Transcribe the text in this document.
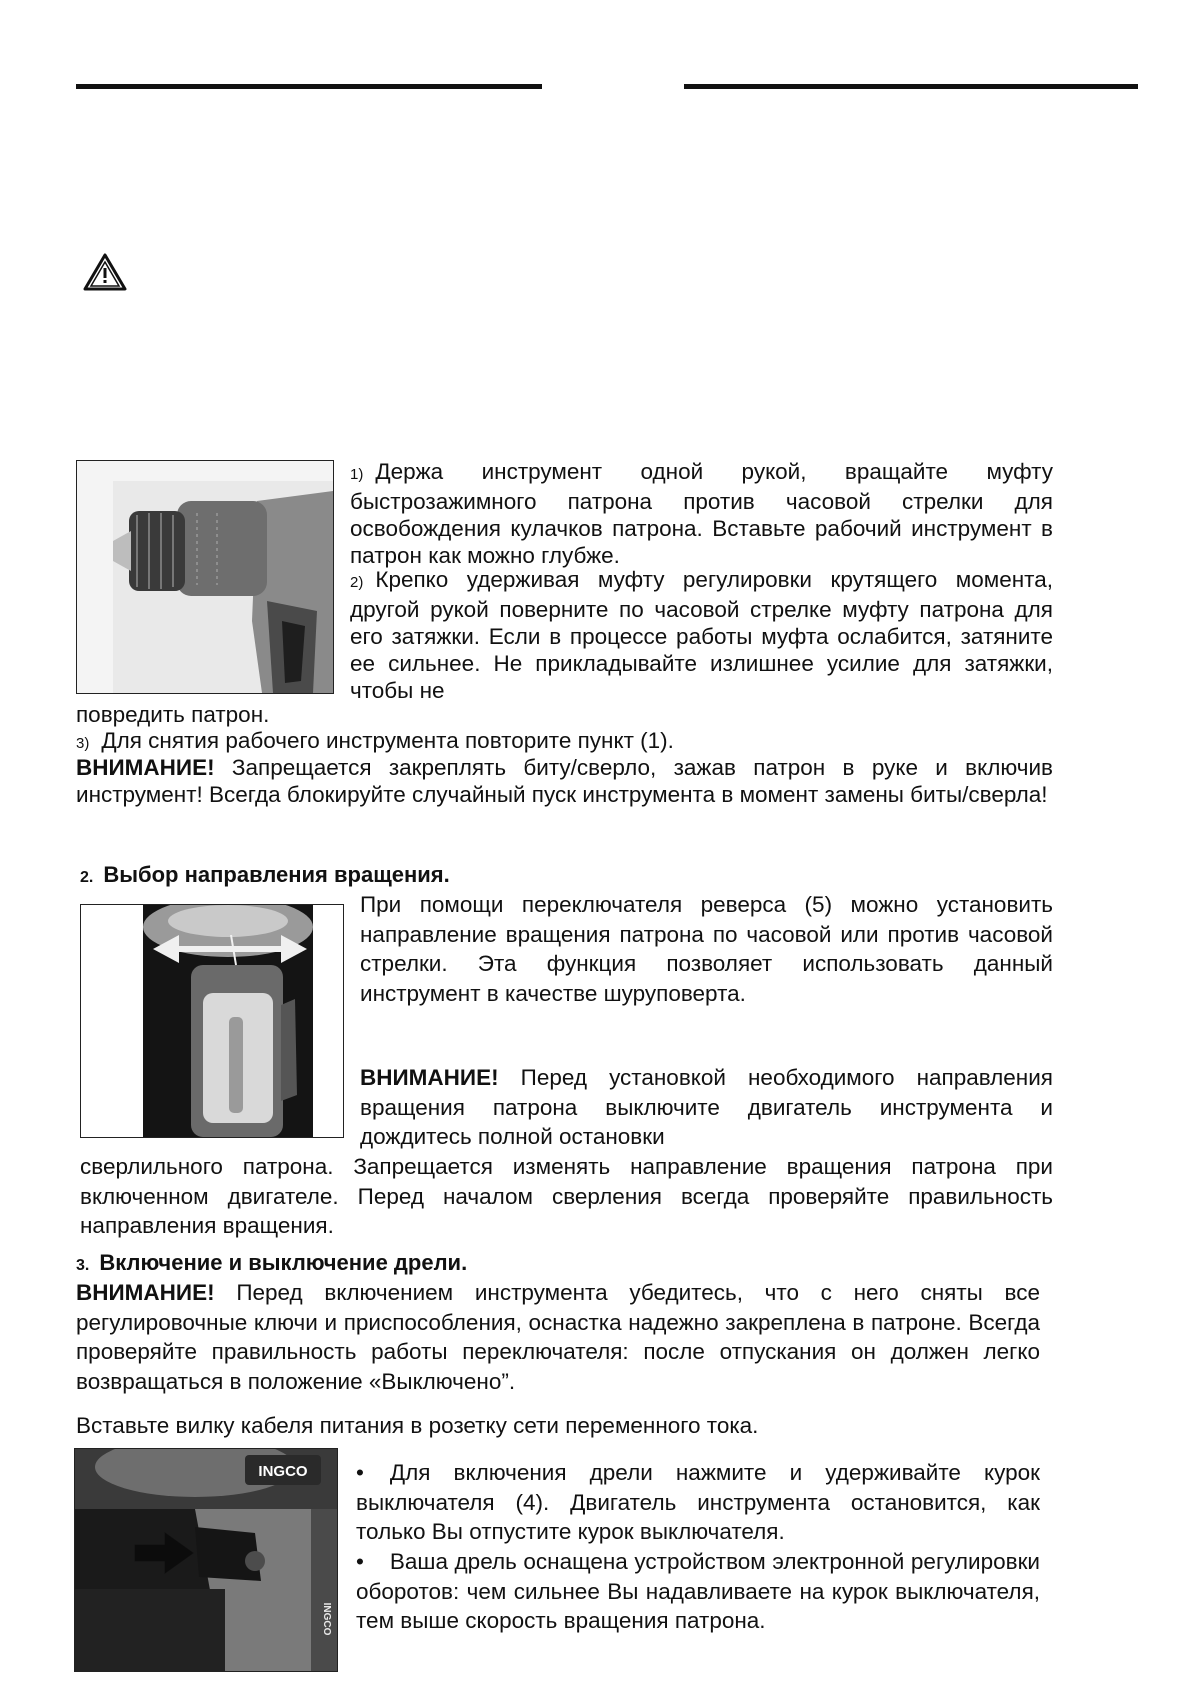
1) Держа инструмент одной рукой, вращайте муфту быстрозажимного патрона против часовой стрелки для освобождения кулачков патрона. Вставьте рабочий инструмент в патрон как можно глубже.

2) Крепко удерживая муфту регулировки крутящего момента, другой рукой поверните по часовой стрелке муфту патрона для его затяжки. Если в процессе работы муфта ослабится, затяните ее сильнее. Не прикладывайте излишнее усилие для затяжки, чтобы не

повредить патрон.

3) Для снятия рабочего инструмента повторите пункт (1).

ВНИМАНИЕ! Запрещается закреплять биту/сверло, зажав патрон в руке и включив инструмент! Всегда блокируйте случайный пуск инструмента в момент замены биты/сверла!

2. Выбор направления вращения.

При помощи переключателя реверса (5) можно установить направление вращения патрона по часовой или против часовой стрелки. Эта функция позволяет использовать данный инструмент в качестве шуруповерта.

ВНИМАНИЕ! Перед установкой необходимого направления вращения патрона выключите двигатель инструмента и дождитесь полной остановки

сверлильного патрона. Запрещается изменять направление вращения патрона при включенном двигателе. Перед началом сверления всегда проверяйте правильность направления вращения.

3. Включение и выключение дрели.

ВНИМАНИЕ! Перед включением инструмента убедитесь, что с него сняты все регулировочные ключи и приспособления, оснастка надежно закреплена в патроне. Всегда проверяйте правильность работы переключателя: после отпускания он должен легко возвращаться в положение «Выключено”.

Вставьте вилку кабеля питания в розетку сети переменного тока.

INGCO
INGCO

• Для включения дрели нажмите и удерживайте курок выключателя (4). Двигатель инструмента остановится, как только Вы отпустите курок выключателя.

• Ваша дрель оснащена устройством электронной регулировки оборотов: чем сильнее Вы надавливаете на курок выключателя, тем выше скорость вращения патрона.
